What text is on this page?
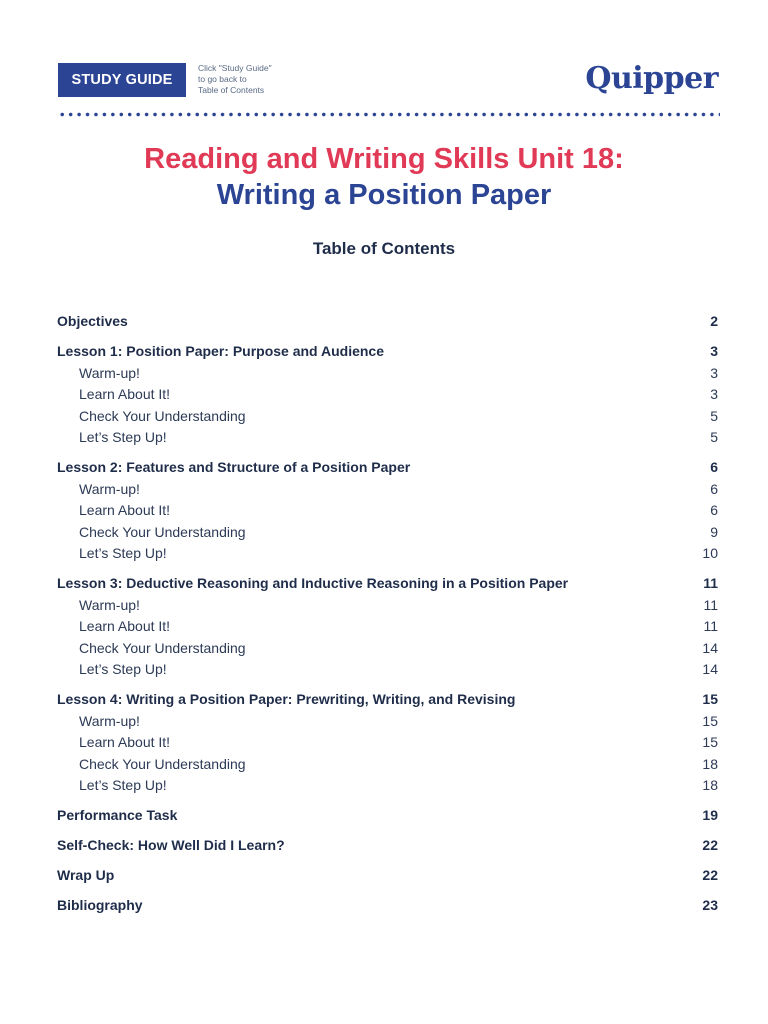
STUDY GUIDE
Click "Study Guide"
to go back to
Table of Contents	Quipper
Reading and Writing Skills Unit 18:
Writing a Position Paper
Table of Contents
Objectives	2
Lesson 1: Position Paper: Purpose and Audience	3
Warm-up!	3
Learn About It!	3
Check Your Understanding	5
Let’s Step Up!	5
Lesson 2: Features and Structure of a Position Paper	6
Warm-up!	6
Learn About It!	6
Check Your Understanding	9
Let’s Step Up!	10
Lesson 3: Deductive Reasoning and Inductive Reasoning in a Position Paper	11
Warm-up!	11
Learn About It!	11
Check Your Understanding	14
Let’s Step Up!	14
Lesson 4: Writing a Position Paper: Prewriting, Writing, and Revising	15
Warm-up!	15
Learn About It!	15
Check Your Understanding	18
Let’s Step Up!	18
Performance Task	19
Self-Check: How Well Did I Learn?	22
Wrap Up	22
Bibliography	23
